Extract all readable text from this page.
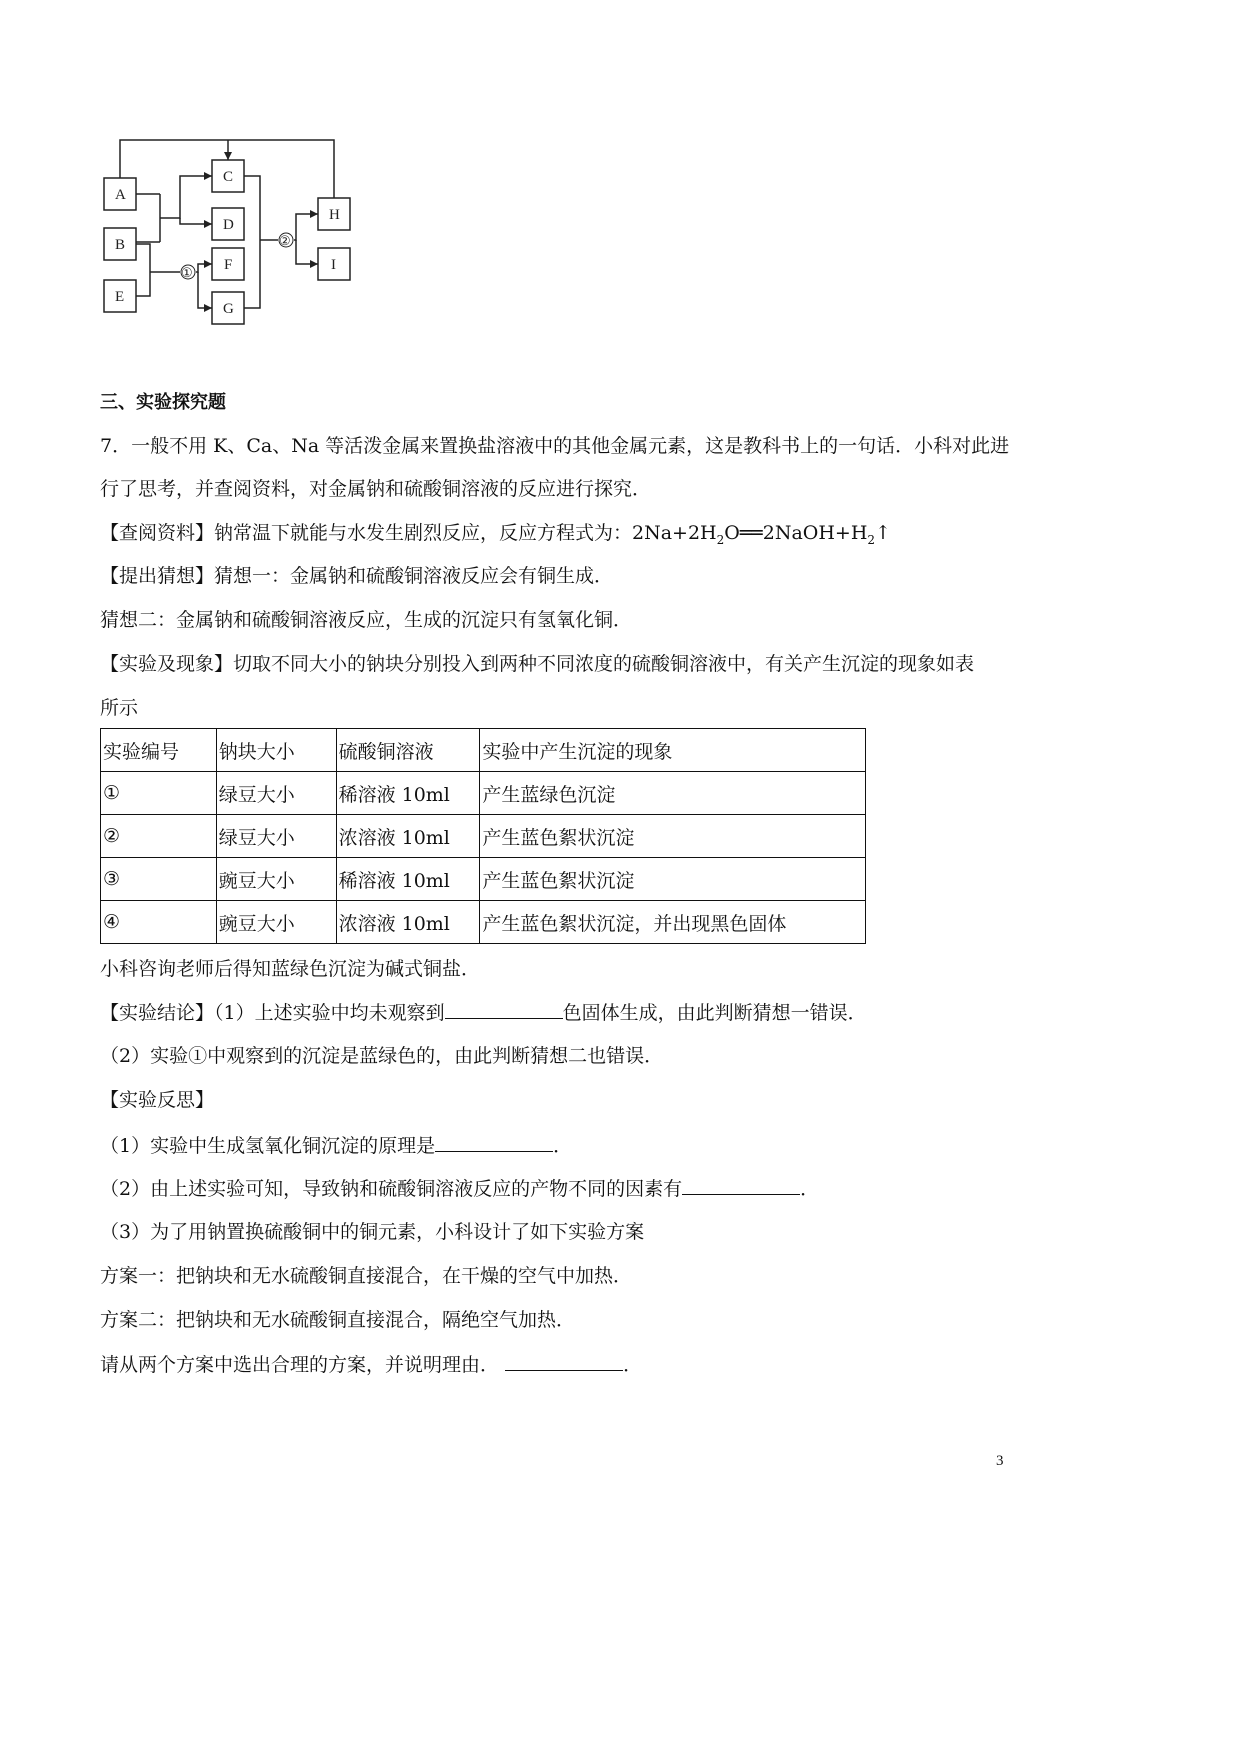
A
B
E
C
D
F
G
H
I
①
②
三、实验探究题
7．一般不用 K、Ca、Na 等活泼金属来置换盐溶液中的其他金属元素，这是教科书上的一句话．小科对此进
行了思考，并查阅资料，对金属钠和硫酸铜溶液的反应进行探究．
【查阅资料】钠常温下就能与水发生剧烈反应，反应方程式为：$2Na+2H_2O══2NaOH+H_2↑$
【提出猜想】猜想一：金属钠和硫酸铜溶液反应会有铜生成．
猜想二：金属钠和硫酸铜溶液反应，生成的沉淀只有氢氧化铜．
【实验及现象】切取不同大小的钠块分别投入到两种不同浓度的硫酸铜溶液中，有关产生沉淀的现象如表
所示
实验编号	钠块大小	硫酸铜溶液	实验中产生沉淀的现象
①	绿豆大小	稀溶液 10ml	产生蓝绿色沉淀
②	绿豆大小	浓溶液 10ml	产生蓝色絮状沉淀
③	豌豆大小	稀溶液 10ml	产生蓝色絮状沉淀
④	豌豆大小	浓溶液 10ml	产生蓝色絮状沉淀，并出现黑色固体
小科咨询老师后得知蓝绿色沉淀为碱式铜盐．
【实验结论】（1）上述实验中均未观察到	色固体生成，由此判断猜想一错误．
（2）实验①中观察到的沉淀是蓝绿色的，由此判断猜想二也错误．
【实验反思】
（1）实验中生成氢氧化铜沉淀的原理是	．
（2）由上述实验可知，导致钠和硫酸铜溶液反应的产物不同的因素有	．
（3）为了用钠置换硫酸铜中的铜元素，小科设计了如下实验方案
方案一：把钠块和无水硫酸铜直接混合，在干燥的空气中加热．
方案二：把钠块和无水硫酸铜直接混合，隔绝空气加热．
请从两个方案中选出合理的方案，并说明理由．	．
3
